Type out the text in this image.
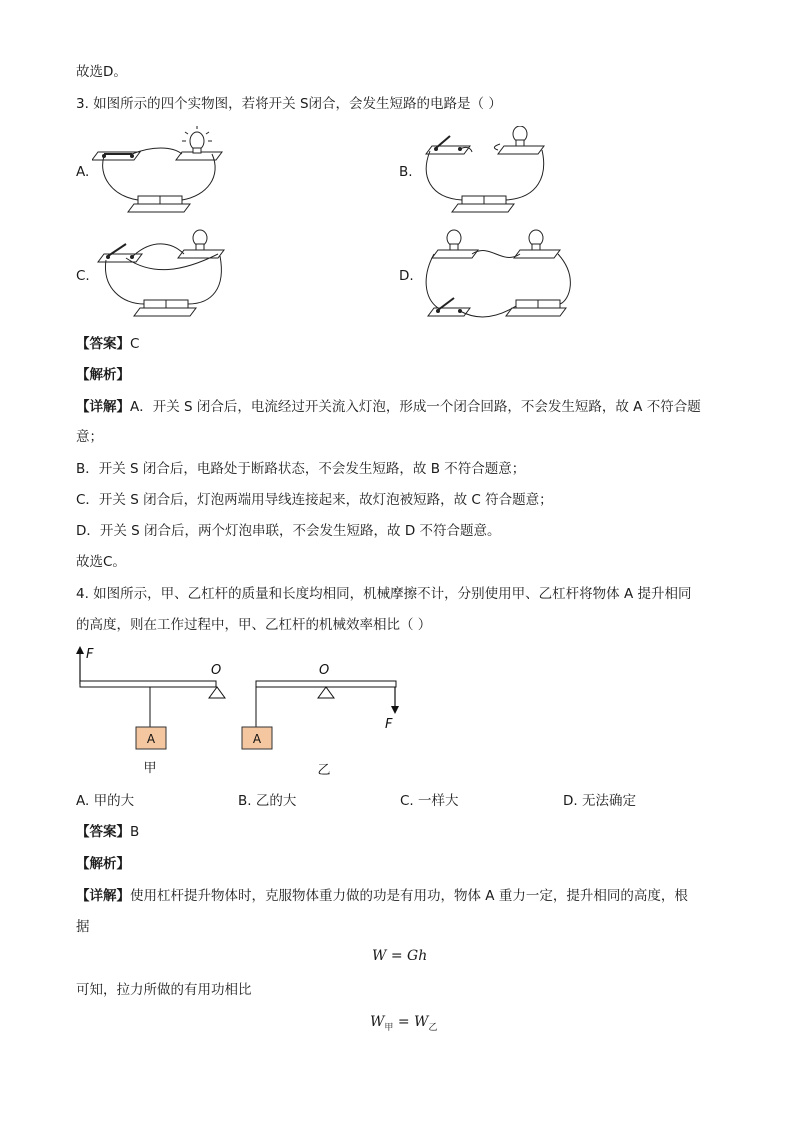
故选D。
3. 如图所示的四个实物图，若将开关 S闭合，会发生短路的电路是（ ）
A.	B.
C.	D.
【答案】C
【解析】
【详解】A．开关 S 闭合后，电流经过开关流入灯泡，形成一个闭合回路，不会发生短路，故 A 不符合题
意；
B．开关 S 闭合后，电路处于断路状态，不会发生短路，故 B 不符合题意；
C．开关 S 闭合后，灯泡两端用导线连接起来，故灯泡被短路，故 C 符合题意；
D．开关 S 闭合后，两个灯泡串联，不会发生短路，故 D 不符合题意。
故选C。
4. 如图所示，甲、乙杠杆的质量和长度均相同，机械摩擦不计，分别使用甲、乙杠杆将物体 A 提升相同
的高度，则在工作过程中，甲、乙杠杆的机械效率相比（ ）
F
O
A
甲
O
A
F
乙
A. 甲的大	B. 乙的大	C. 一样大	D. 无法确定
【答案】B
【解析】
【详解】使用杠杆提升物体时，克服物体重力做的功是有用功，物体 A 重力一定，提升相同的高度，根
据
W = Gh
可知，拉力所做的有用功相比
$W_甲 = W_乙$
